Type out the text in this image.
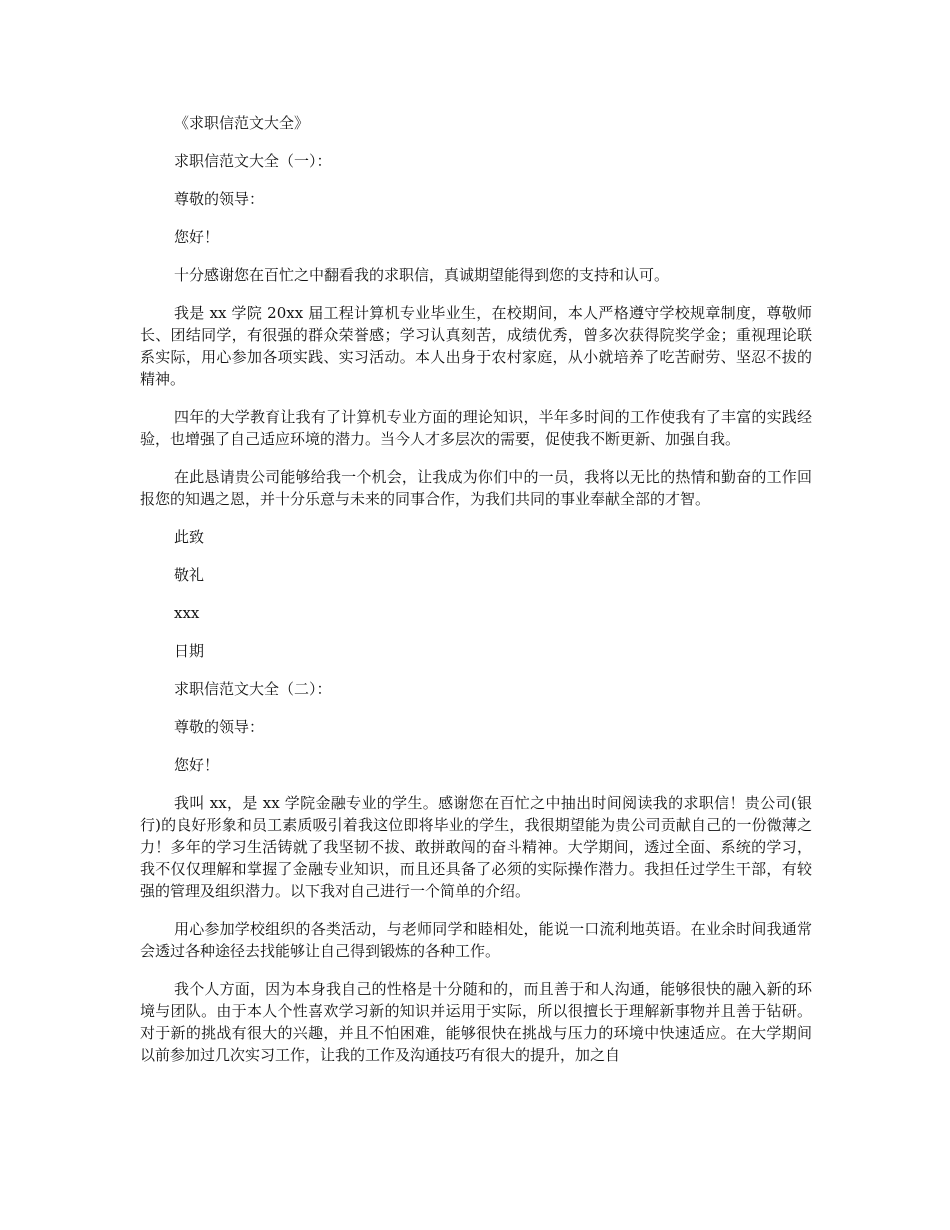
《求职信范文大全》
求职信范文大全（一）：
尊敬的领导：
您好！
十分感谢您在百忙之中翻看我的求职信，真诚期望能得到您的支持和认可。
我是 xx 学院 20xx 届工程计算机专业毕业生，在校期间，本人严格遵守学校规章制度，尊敬师长、团结同学，有很强的群众荣誉感；学习认真刻苦，成绩优秀，曾多次获得院奖学金；重视理论联系实际，用心参加各项实践、实习活动。本人出身于农村家庭，从小就培养了吃苦耐劳、坚忍不拔的精神。
四年的大学教育让我有了计算机专业方面的理论知识，半年多时间的工作使我有了丰富的实践经验，也增强了自己适应环境的潜力。当今人才多层次的需要，促使我不断更新、加强自我。
在此恳请贵公司能够给我一个机会，让我成为你们中的一员，我将以无比的热情和勤奋的工作回报您的知遇之恩，并十分乐意与未来的同事合作，为我们共同的事业奉献全部的才智。
此致
敬礼
xxx
日期
求职信范文大全（二）：
尊敬的领导：
您好！
我叫 xx，是 xx 学院金融专业的学生。感谢您在百忙之中抽出时间阅读我的求职信！贵公司(银行)的良好形象和员工素质吸引着我这位即将毕业的学生，我很期望能为贵公司贡献自己的一份微薄之力！多年的学习生活铸就了我坚韧不拔、敢拼敢闯的奋斗精神。大学期间，透过全面、系统的学习，我不仅仅理解和掌握了金融专业知识，而且还具备了必须的实际操作潜力。我担任过学生干部，有较强的管理及组织潜力。以下我对自己进行一个简单的介绍。
用心参加学校组织的各类活动，与老师同学和睦相处，能说一口流利地英语。在业余时间我通常会透过各种途径去找能够让自己得到锻炼的各种工作。
我个人方面，因为本身我自己的性格是十分随和的，而且善于和人沟通，能够很快的融入新的环境与团队。由于本人个性喜欢学习新的知识并运用于实际，所以很擅长于理解新事物并且善于钻研。对于新的挑战有很大的兴趣，并且不怕困难，能够很快在挑战与压力的环境中快速适应。在大学期间以前参加过几次实习工作，让我的工作及沟通技巧有很大的提升，加之自
